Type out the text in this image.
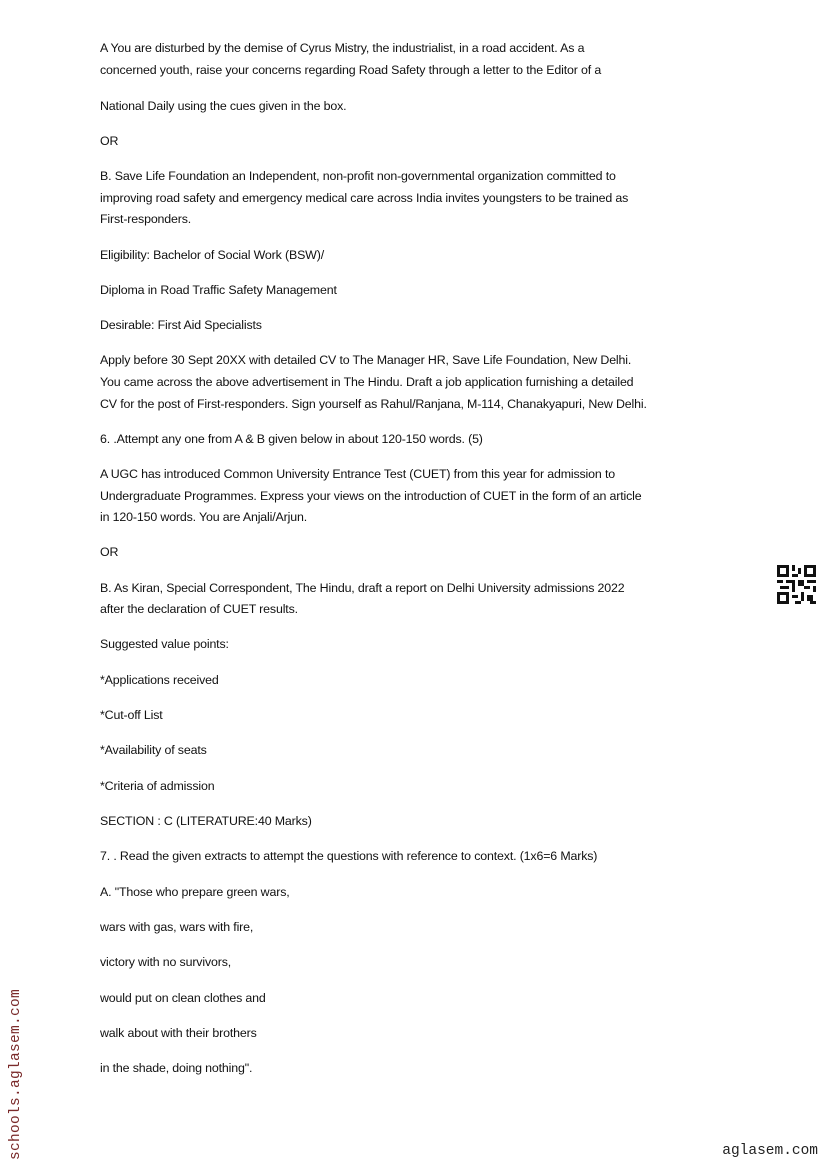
A You are disturbed by the demise of Cyrus Mistry, the industrialist, in a road accident. As a
concerned youth, raise your concerns regarding Road Safety through a letter to the Editor of a
National Daily using the cues given in the box.
OR
B. Save Life Foundation an Independent, non-profit non-governmental organization committed to
improving road safety and emergency medical care across India invites youngsters to be trained as
First-responders.
Eligibility: Bachelor of Social Work (BSW)/
Diploma in Road Traffic Safety Management
Desirable: First Aid Specialists
Apply before 30 Sept 20XX with detailed CV to The Manager HR, Save Life Foundation, New Delhi.
You came across the above advertisement in The Hindu. Draft a job application furnishing a detailed
CV for the post of First-responders. Sign yourself as Rahul/Ranjana, M-114, Chanakyapuri, New Delhi.
6. .Attempt any one from A & B given below in about 120-150 words. (5)
A UGC has introduced Common University Entrance Test (CUET) from this year for admission to
Undergraduate Programmes. Express your views on the introduction of CUET in the form of an article
in 120-150 words. You are Anjali/Arjun.
OR
B. As Kiran, Special Correspondent, The Hindu, draft a report on Delhi University admissions 2022
after the declaration of CUET results.
Suggested value points:
*Applications received
*Cut-off List
*Availability of seats
*Criteria of admission
SECTION : C (LITERATURE:40 Marks)
7. . Read the given extracts to attempt the questions with reference to context. (1x6=6 Marks)
A. "Those who prepare green wars,
wars with gas, wars with fire,
victory with no survivors,
would put on clean clothes and
walk about with their brothers
in the shade, doing nothing".
schools.aglasem.com	aglasem.com
